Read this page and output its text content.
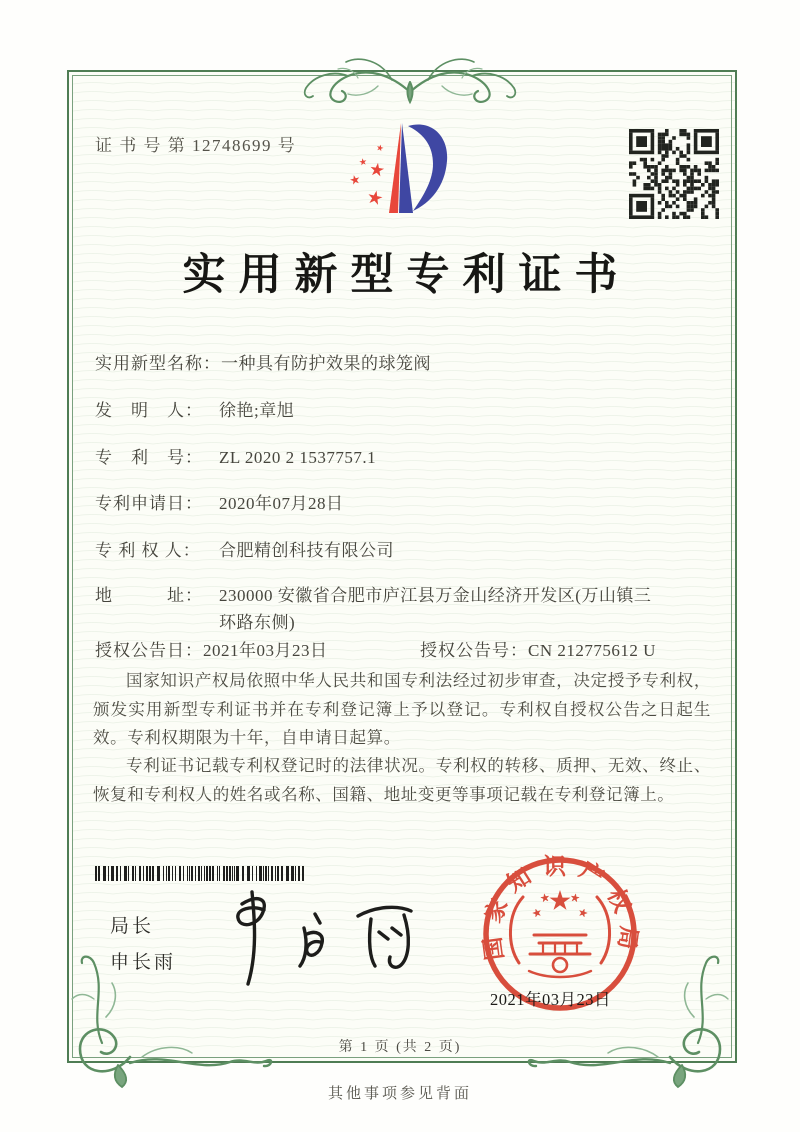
证 书 号 第 12748699 号
实用新型专利证书
实用新型名称： 一种具有防护效果的球笼阀
发　明　人： 徐艳;章旭
专　利　号： ZL 2020 2 1537757.1
专利申请日： 2020年07月28日
专 利 权 人：	合肥精创科技有限公司
地　　　址： 230000 安徽省合肥市庐江县万金山经济开发区(万山镇三环路东侧)
授权公告日： 2021年03月23日	授权公告号： CN 212775612 U
国家知识产权局依照中华人民共和国专利法经过初步审查，决定授予专利权，颁发实用新型专利证书并在专利登记簿上予以登记。专利权自授权公告之日起生效。专利权期限为十年，自申请日起算。
专利证书记载专利权登记时的法律状况。专利权的转移、质押、无效、终止、恢复和专利权人的姓名或名称、国籍、地址变更等事项记载在专利登记簿上。
局长
申长雨
国家知识产权局
2021年03月23日
第 1 页 (共 2 页)
其他事项参见背面
